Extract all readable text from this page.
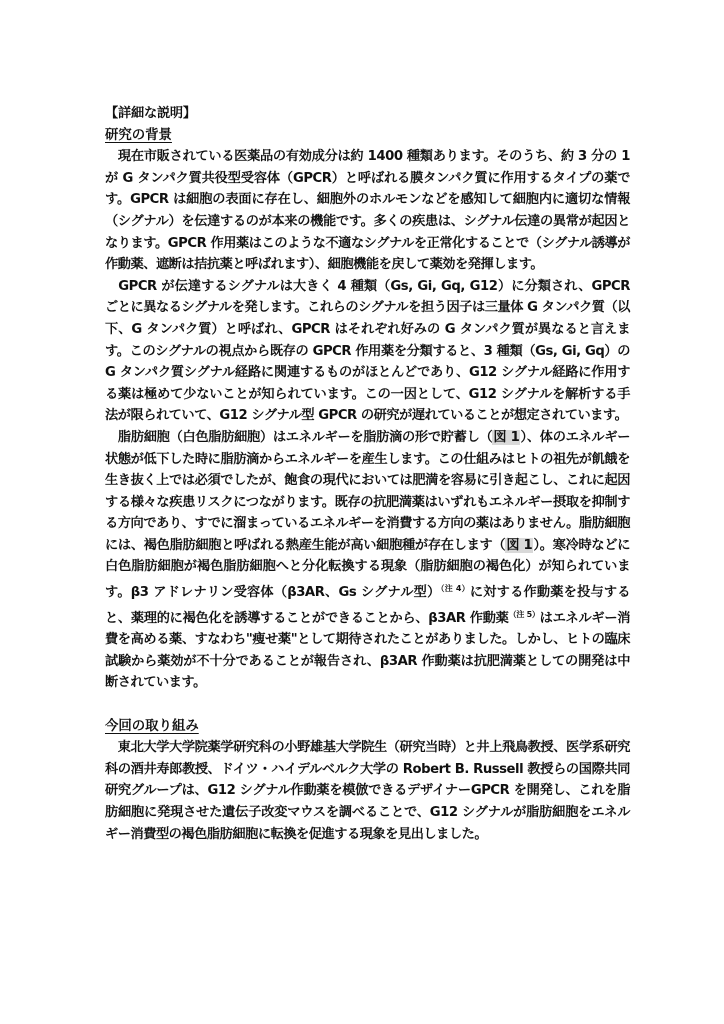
【詳細な説明】
研究の背景

　現在市販されている医薬品の有効成分は約 1400 種類あります。そのうち、約 3 分の 1 が G タンパク質共役型受容体（GPCR）と呼ばれる膜タンパク質に作用するタイプの薬です。GPCR は細胞の表面に存在し、細胞外のホルモンなどを感知して細胞内に適切な情報（シグナル）を伝達するのが本来の機能です。多くの疾患は、シグナル伝達の異常が起因となります。GPCR 作用薬はこのような不適なシグナルを正常化することで（シグナル誘導が作動薬、遮断は拮抗薬と呼ばれます）、細胞機能を戻して薬効を発揮します。

　GPCR が伝達するシグナルは大きく 4 種類（Gs, Gi, Gq, G12）に分類され、GPCR ごとに異なるシグナルを発します。これらのシグナルを担う因子は三量体 G タンパク質（以下、G タンパク質）と呼ばれ、GPCR はそれぞれ好みの G タンパク質が異なると言えます。このシグナルの視点から既存の GPCR 作用薬を分類すると、3 種類（Gs, Gi, Gq）の G タンパク質シグナル経路に関連するものがほとんどであり、G12 シグナル経路に作用する薬は極めて少ないことが知られています。この一因として、G12 シグナルを解析する手法が限られていて、G12 シグナル型 GPCR の研究が遅れていることが想定されています。

　脂肪細胞（白色脂肪細胞）はエネルギーを脂肪滴の形で貯蓄し（図 1）、体のエネルギー状態が低下した時に脂肪滴からエネルギーを産生します。この仕組みはヒトの祖先が飢餓を生き抜く上では必須でしたが、飽食の現代においては肥満を容易に引き起こし、これに起因する様々な疾患リスクにつながります。既存の抗肥満薬はいずれもエネルギー摂取を抑制する方向であり、すでに溜まっているエネルギーを消費する方向の薬はありません。脂肪細胞には、褐色脂肪細胞と呼ばれる熱産生能が高い細胞種が存在します（図 1）。寒冷時などに白色脂肪細胞が褐色脂肪細胞へと分化転換する現象（脂肪細胞の褐色化）が知られています。β3 アドレナリン受容体（β3AR、Gs シグナル型）$^{(注 4)}$に対する作動薬を投与すると、薬理的に褐色化を誘導することができることから、β3AR 作動薬$^{(注 5)}$はエネルギー消費を高める薬、すなわち"痩せ薬"として期待されたことがありました。しかし、ヒトの臨床試験から薬効が不十分であることが報告され、β3AR 作動薬は抗肥満薬としての開発は中断されています。

今回の取り組み

　東北大学大学院薬学研究科の小野雄基大学院生（研究当時）と井上飛鳥教授、医学系研究科の酒井寿郎教授、ドイツ・ハイデルベルク大学の Robert B. Russell 教授らの国際共同研究グループは、G12 シグナル作動薬を模倣できるデザイナーGPCR を開発し、これを脂肪細胞に発現させた遺伝子改変マウスを調べることで、G12 シグナルが脂肪細胞をエネルギー消費型の褐色脂肪細胞に転換を促進する現象を見出しました。
